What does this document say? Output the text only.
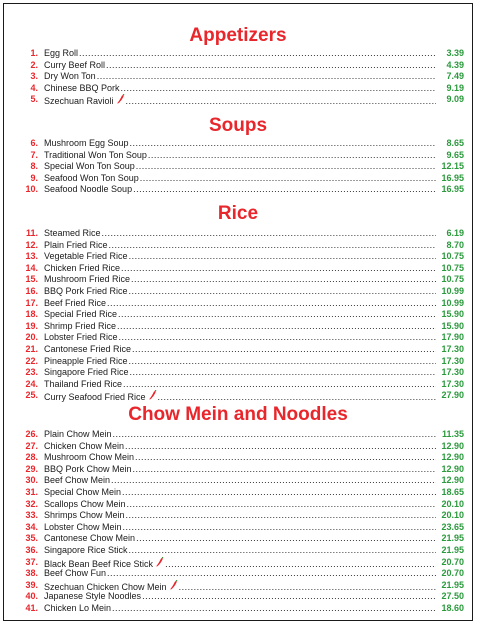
Appetizers
1. Egg Roll .....	3.39
2. Curry Beef Roll .....	4.39
3. Dry Won Ton .....	7.49
4. Chinese BBQ Pork .....	9.19
5. Szechuan Ravioli .....	9.09
Soups
6. Mushroom Egg Soup .....	8.65
7. Traditional Won Ton Soup .....	9.65
8. Special Won Ton Soup .....	12.15
9. Seafood Won Ton Soup .....	16.95
10. Seafood Noodle Soup .....	16.95
Rice
11. Steamed Rice .....	6.19
12. Plain Fried Rice .....	8.70
13. Vegetable Fried Rice .....	10.75
14. Chicken Fried Rice .....	10.75
15. Mushroom Fried Rice .....	10.75
16. BBQ Pork Fried Rice .....	10.99
17. Beef Fried Rice .....	10.99
18. Special Fried Rice .....	15.90
19. Shrimp Fried Rice .....	15.90
20. Lobster Fried Rice .....	17.90
21. Cantonese Fried Rice .....	17.30
22. Pineapple Fried Rice .....	17.30
23. Singapore Fried Rice .....	17.30
24. Thailand Fried Rice .....	17.30
25. Curry Seafood Fried Rice .....	27.90
Chow Mein and Noodles
26. Plain Chow Mein .....	11.35
27. Chicken Chow Mein .....	12.90
28. Mushroom Chow Mein .....	12.90
29. BBQ Pork Chow Mein .....	12.90
30. Beef Chow Mein .....	12.90
31. Special Chow Mein .....	18.65
32. Scallops Chow Mein .....	20.10
33. Shrimps Chow Mein .....	20.10
34. Lobster Chow Mein .....	23.65
35. Cantonese Chow Mein .....	21.95
36. Singapore Rice Stick .....	21.95
37. Black Bean Beef Rice Stick .....	20.70
38. Beef Chow Fun .....	20.70
39. Szechuan Chicken Chow Mein .....	21.95
40. Japanese Style Noodles .....	27.50
41. Chicken Lo Mein .....	18.60
